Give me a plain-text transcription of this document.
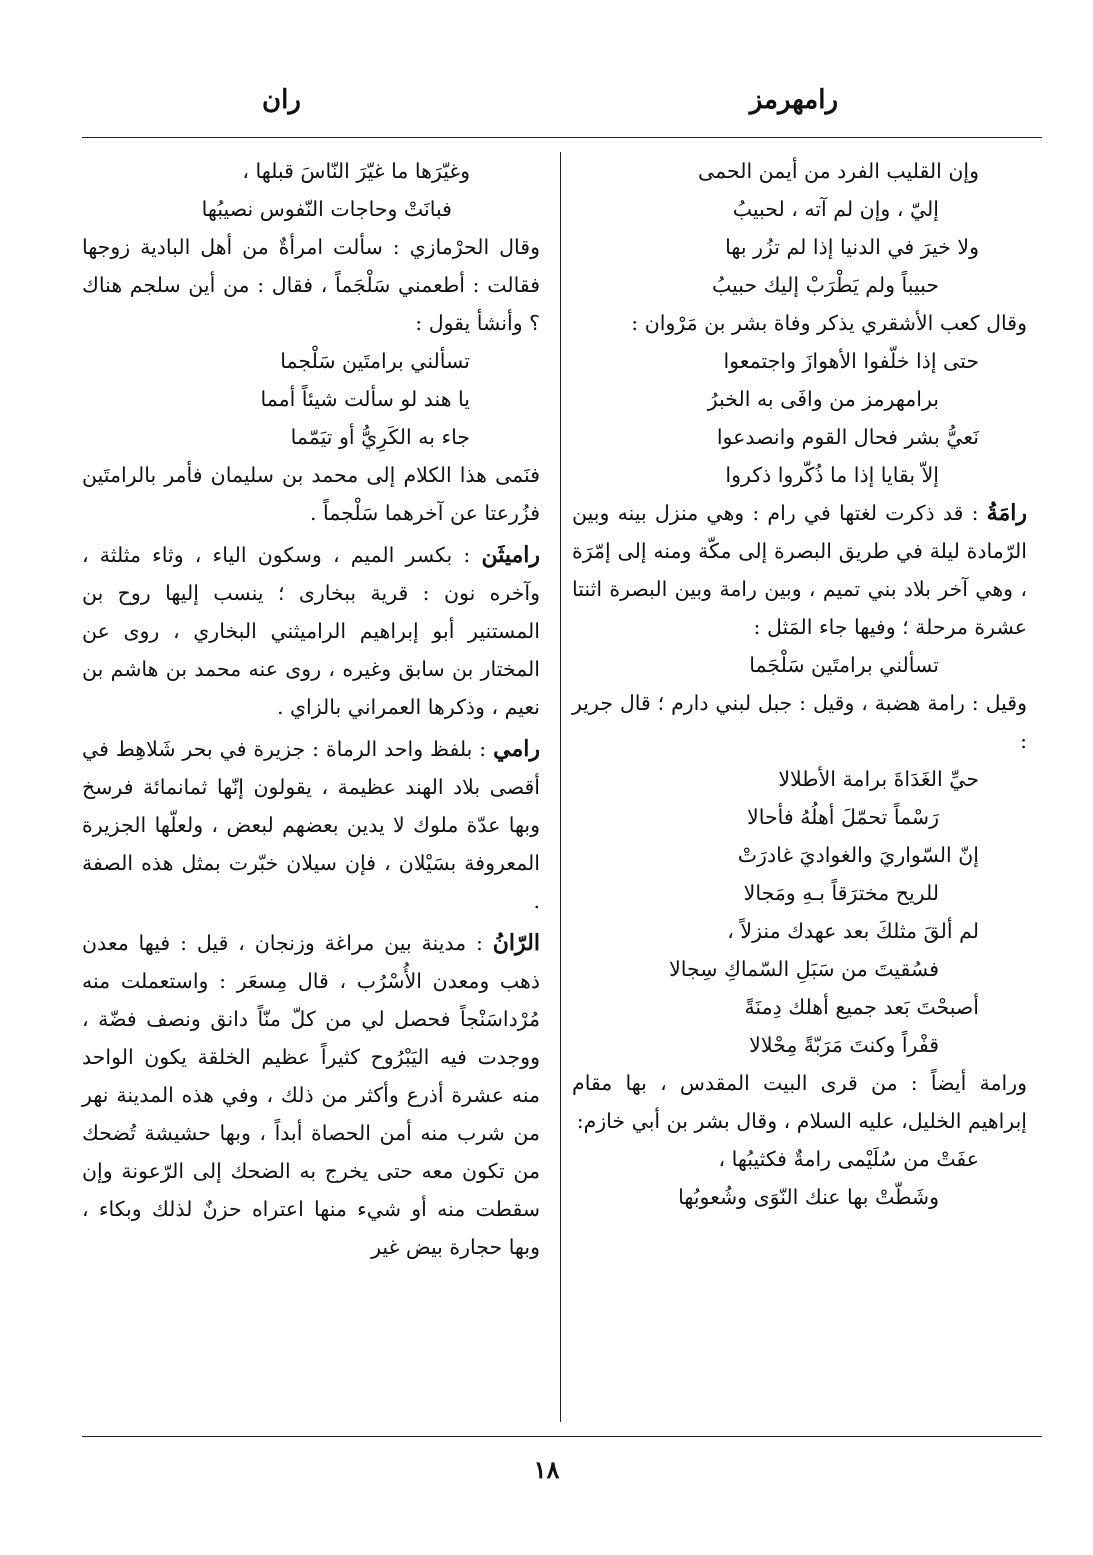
رامهرمز
ران

وإن القليب الفرد من أيمن الحمى

إليّ ، وإن لم آته ، لحبيبُ

ولا خيرَ في الدنيا إذا لم تزُر بها

حبيباً ولم يَطْرَبْ إليك حبيبُ

وقال كعب الأشقري يذكر وفاة بشر بن مَرْوان :

حتى إذا خلّفوا الأهوازَ واجتمعوا

برامهرمز من وافَى به الخبرُ

نَعيُّ بشر فحال القوم وانصدعوا

إلاّ بقايا إذا ما ذُكّروا ذكروا

رامَةُ : قد ذكرت لغتها في رام : وهي منزل بينه وبين الرّمادة ليلة في طريق البصرة إلى مكّة ومنه إلى إمّرَة ، وهي آخر بلاد بني تميم ، وبين رامة وبين البصرة اثنتا عشرة مرحلة ؛ وفيها جاء المَثل :

تسألني برامتَين سَلْجَما

وقيل : رامة هضبة ، وقيل : جبل لبني دارم ؛ قال جرير :

حيِّ الغَدَاةَ برامة الأطلالا

رَسْماً تحمّلَ أهلُهُ فأحالا

إنّ السّواريَ والغواديَ غادرَتْ

للريح مخترَقاً بـهِ ومَجالا

لم ألقَ مثلكَ بعد عهدك منزلاً ،

فسُقيتَ من سَبَلِ السّماكِ سِجالا

أصبحْتَ بَعد جميع أهلك دِمنَةً

قفْراً وكنتَ مَرَبّةً مِحْلالا

ورامة أيضاً : من قرى البيت المقدس ، بها مقام إبراهيم الخليل، عليه السلام ، وقال بشر بن أبي خازم:

عفَتْ من سُلَيْمى رامةٌ فكثيبُها ،

وشَطّتْ بها عنك النّوَى وشُعوبُها

وغيّرَها ما غيّرَ النّاسَ قبلها ،

فبانَتْ وحاجات النّفوس نصيبُها

وقال الحرْمازي : سألت امرأةٌ من أهل البادية زوجها فقالت : أطعمني سَلْجَماً ، فقال : من أين سلجم هناك ؟ وأنشأ يقول :

تسألني برامتَين سَلْجما

يا هند لو سألت شيئاً أمما

جاء به الكَرِيُّ أو تيَمّما

فنَمى هذا الكلام إلى محمد بن سليمان فأمر بالرامتَين فزُرعتا عن آخرهما سَلْجماً .

راميثَن : بكسر الميم ، وسكون الياء ، وثاء مثلثة ، وآخره نون : قرية ببخارى ؛ ينسب إليها روح بن المستنير أبو إبراهيم الراميثني البخاري ، روى عن المختار بن سابق وغيره ، روى عنه محمد بن هاشم بن نعيم ، وذكرها العمراني بالزاي .

رامي : بلفظ واحد الرماة : جزيرة في بحر شَلاهِط في أقصى بلاد الهند عظيمة ، يقولون إنّها ثمانمائة فرسخ وبها عدّة ملوك لا يدين بعضهم لبعض ، ولعلّها الجزيرة المعروفة بسَيْلان ، فإن سيلان خبّرت بمثل هذه الصفة .

الرّانُ : مدينة بين مراغة وزنجان ، قيل : فيها معدن ذهب ومعدن الأُسْرُب ، قال مِسعَر : واستعملت منه مُرْداسَنْجاً فحصل لي من كلّ منّاً دانق ونصف فضّة ، ووجدت فيه اليَبْرُوح كثيراً عظيم الخلقة يكون الواحد منه عشرة أذرع وأكثر من ذلك ، وفي هذه المدينة نهر من شرب منه أمن الحصاة أبداً ، وبها حشيشة تُضحك من تكون معه حتى يخرج به الضحك إلى الرّعونة وإن سقطت منه أو شيء منها اعتراه حزنٌ لذلك وبكاء ، وبها حجارة بيض غير

١٨
